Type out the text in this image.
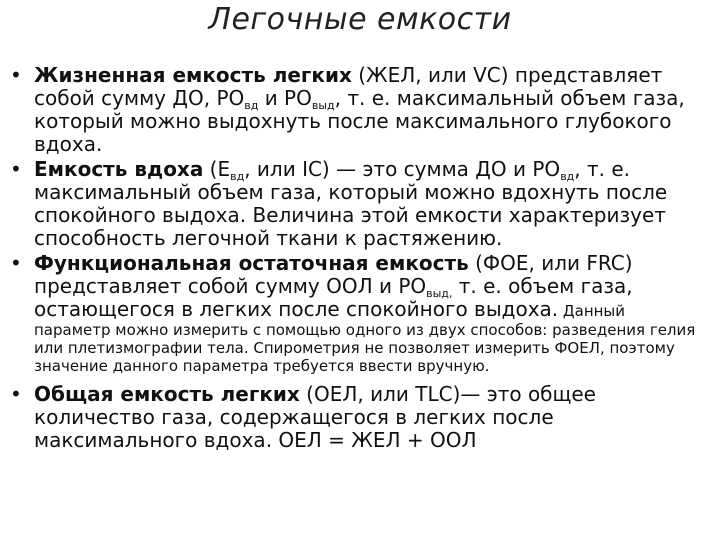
Легочные емкости
• Жизненная емкость легких (ЖЕЛ, или VC) представляет собой сумму ДО, $РО_{вд}$ и $РО_{выд}$, т. е. максимальный объем газа, который можно выдохнуть после максимального глубокого вдоха.
• Емкость вдоха ($Е_{вд}$, или IC) — это сумма ДО и $РО_{вд}$, т. е. максимальный объем газа, который можно вдохнуть после спокойного выдоха. Величина этой емкости характеризует способность легочной ткани к растяжению.
• Функциональная остаточная емкость (ФОЕ, или FRC) представляет собой сумму ООЛ и $РО_{выд,}$ т. е. объем газа, остающегося в легких после спокойного выдоха. Данный
параметр можно измерить с помощью одного из двух способов: разведения гелия или плетизмографии тела. Спирометрия не позволяет измерить ФОЕЛ, поэтому значение данного параметра требуется ввести вручную.
• Общая емкость легких (ОЕЛ, или TLC)— это общее количество газа, содержащегося в легких после максимального вдоха. ОЕЛ = ЖЕЛ + ООЛ
